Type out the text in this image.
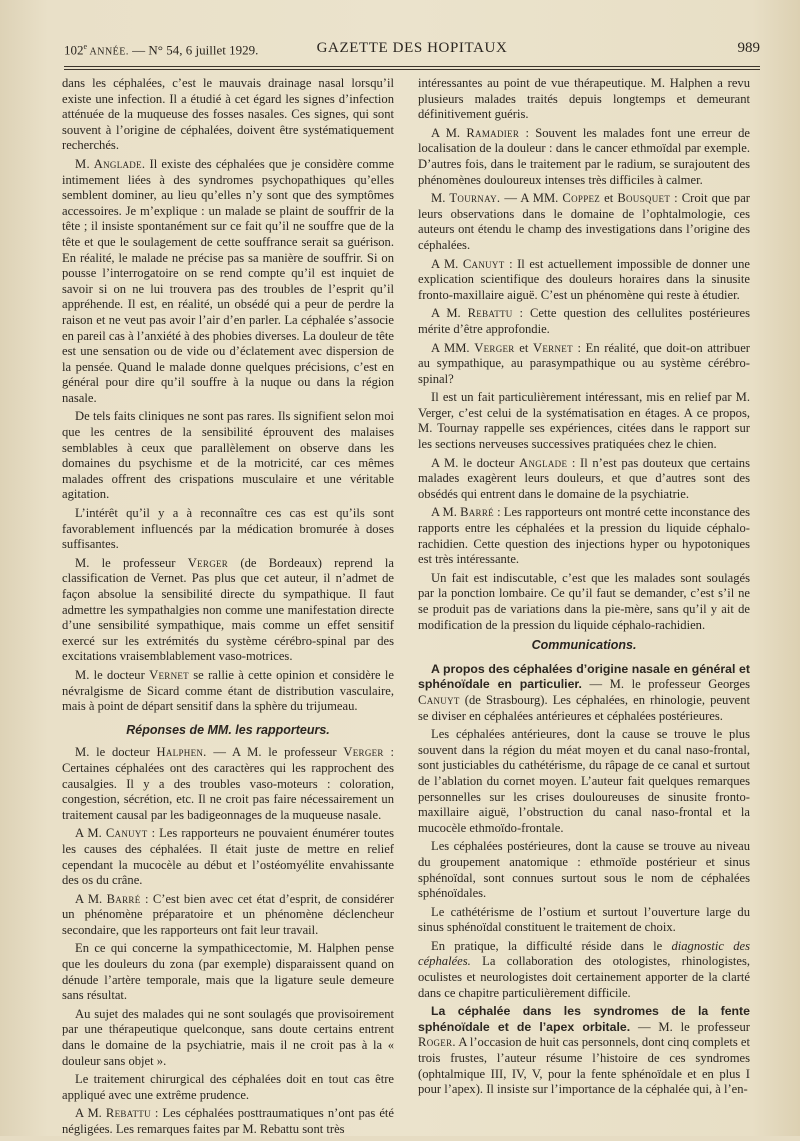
102e ANNÉE. — N° 54, 6 juillet 1929.	GAZETTE DES HOPITAUX	989

dans les céphalées, c’est le mauvais drainage nasal lorsqu’il existe une infection. Il a étudié à cet égard les signes d’infection atténuée de la muqueuse des fosses nasales. Ces signes, qui sont souvent à l’origine de céphalées, doivent être systématiquement recherchés.

M. Anglade. Il existe des céphalées que je considère comme intimement liées à des syndromes psychopathiques qu’elles semblent dominer, au lieu qu’elles n’y sont que des symptômes accessoires. Je m’explique : un malade se plaint de souffrir de la tête ; il insiste spontanément sur ce fait qu’il ne souffre que de la tête et que le soulagement de cette souffrance serait sa guérison. En réalité, le malade ne précise pas sa manière de souffrir. Si on pousse l’interrogatoire on se rend compte qu’il est inquiet de savoir si on ne lui trouvera pas des troubles de l’esprit qu’il appréhende. Il est, en réalité, un obsédé qui a peur de perdre la raison et ne veut pas avoir l’air d’en parler. La céphalée s’associe en pareil cas à l’anxiété à des phobies diverses. La douleur de tête est une sensation ou de vide ou d’éclatement avec dispersion de la pensée. Quand le malade donne quelques précisions, c’est en général pour dire qu’il souffre à la nuque ou dans la région nasale.

De tels faits cliniques ne sont pas rares. Ils signifient selon moi que les centres de la sensibilité éprouvent des malaises semblables à ceux que parallèlement on observe dans les domaines du psychisme et de la motricité, car ces mêmes malades offrent des crispations musculaire et une véritable agitation.

L’intérêt qu’il y a à reconnaître ces cas est qu’ils sont favorablement influencés par la médication bromurée à doses suffisantes.

M. le professeur Verger (de Bordeaux) reprend la classification de Vernet. Pas plus que cet auteur, il n’admet de façon absolue la sensibilité directe du sympathique. Il faut admettre les sympathalgies non comme une manifestation directe d’une sensibilité sympathique, mais comme un effet sensitif exercé sur les extrémités du système cérébro-spinal par des excitations vraisemblablement vaso-motrices.

M. le docteur Vernet se rallie à cette opinion et considère le névralgisme de Sicard comme étant de distribution vasculaire, mais à point de départ sensitif dans la sphère du trijumeau.

Réponses de MM. les rapporteurs.

M. le docteur Halphen. — A M. le professeur Verger : Certaines céphalées ont des caractères qui les rapprochent des causalgies. Il y a des troubles vaso-moteurs : coloration, congestion, sécrétion, etc. Il ne croit pas faire nécessairement un traitement causal par les badigeonnages de la muqueuse nasale.

A M. Canuyt : Les rapporteurs ne pouvaient énumérer toutes les causes des céphalées. Il était juste de mettre en relief cependant la mucocèle au début et l’ostéomyélite envahissante des os du crâne.

A M. Barré : C’est bien avec cet état d’esprit, de considérer un phénomène préparatoire et un phénomène déclencheur secondaire, que les rapporteurs ont fait leur travail.

En ce qui concerne la sympathicectomie, M. Halphen pense que les douleurs du zona (par exemple) disparaissent quand on dénude l’artère temporale, mais que la ligature seule demeure sans résultat.

Au sujet des malades qui ne sont soulagés que provisoirement par une thérapeutique quelconque, sans doute certains entrent dans le domaine de la psychiatrie, mais il ne croit pas à la « douleur sans objet ».

Le traitement chirurgical des céphalées doit en tout cas être appliqué avec une extrême prudence.

A M. Rebattu : Les céphalées posttraumatiques n’ont pas été négligées. Les remarques faites par M. Rebattu sont très

intéressantes au point de vue thérapeutique. M. Halphen a revu plusieurs malades traités depuis longtemps et demeurant définitivement guéris.

A M. Ramadier : Souvent les malades font une erreur de localisation de la douleur : dans le cancer ethmoïdal par exemple. D’autres fois, dans le traitement par le radium, se surajoutent des phénomènes douloureux intenses très difficiles à calmer.

M. Tournay. — A MM. Coppez et Bousquet : Croit que par leurs observations dans le domaine de l’ophtalmologie, ces auteurs ont étendu le champ des investigations dans l’origine des céphalées.

A M. Canuyt : Il est actuellement impossible de donner une explication scientifique des douleurs horaires dans la sinusite fronto-maxillaire aiguë. C’est un phénomène qui reste à étudier.

A M. Rebattu : Cette question des cellulites postérieures mérite d’être approfondie.

A MM. Verger et Vernet : En réalité, que doit-on attribuer au sympathique, au parasympathique ou au système cérébro-spinal?

Il est un fait particulièrement intéressant, mis en relief par M. Verger, c’est celui de la systématisation en étages. A ce propos, M. Tournay rappelle ses expériences, citées dans le rapport sur les sections nerveuses successives pratiquées chez le chien.

A M. le docteur Anglade : Il n’est pas douteux que certains malades exagèrent leurs douleurs, et que d’autres sont des obsédés qui entrent dans le domaine de la psychiatrie.

A M. Barré : Les rapporteurs ont montré cette inconstance des rapports entre les céphalées et la pression du liquide céphalo-rachidien. Cette question des injections hyper ou hypotoniques est très intéressante.

Un fait est indiscutable, c’est que les malades sont soulagés par la ponction lombaire. Ce qu’il faut se demander, c’est s’il ne se produit pas de variations dans la pie-mère, sans qu’il y ait de modification de la pression du liquide céphalo-rachidien.

Communications.

A propos des céphalées d’origine nasale en général et sphénoïdale en particulier. — M. le professeur Georges Canuyt (de Strasbourg). Les céphalées, en rhinologie, peuvent se diviser en céphalées antérieures et céphalées postérieures.

Les céphalées antérieures, dont la cause se trouve le plus souvent dans la région du méat moyen et du canal naso-frontal, sont justiciables du cathétérisme, du râpage de ce canal et surtout de l’ablation du cornet moyen. L’auteur fait quelques remarques personnelles sur les crises douloureuses de sinusite fronto-maxillaire aiguë, l’obstruction du canal naso-frontal et la mucocèle ethmoïdo-frontale.

Les céphalées postérieures, dont la cause se trouve au niveau du groupement anatomique : ethmoïde postérieur et sinus sphénoïdal, sont connues surtout sous le nom de céphalées sphénoïdales.

Le cathétérisme de l’ostium et surtout l’ouverture large du sinus sphénoïdal constituent le traitement de choix.

En pratique, la difficulté réside dans le diagnostic des céphalées. La collaboration des otologistes, rhinologistes, oculistes et neurologistes doit certainement apporter de la clarté dans ce chapitre particulièrement difficile.

La céphalée dans les syndromes de la fente sphénoïdale et de l’apex orbitale. — M. le professeur Roger. A l’occasion de huit cas personnels, dont cinq complets et trois frustes, l’auteur résume l’histoire de ces syndromes (ophtalmique III, IV, V, pour la fente sphénoïdale et en plus I pour l’apex). Il insiste sur l’importance de la céphalée qui, à l’en-
